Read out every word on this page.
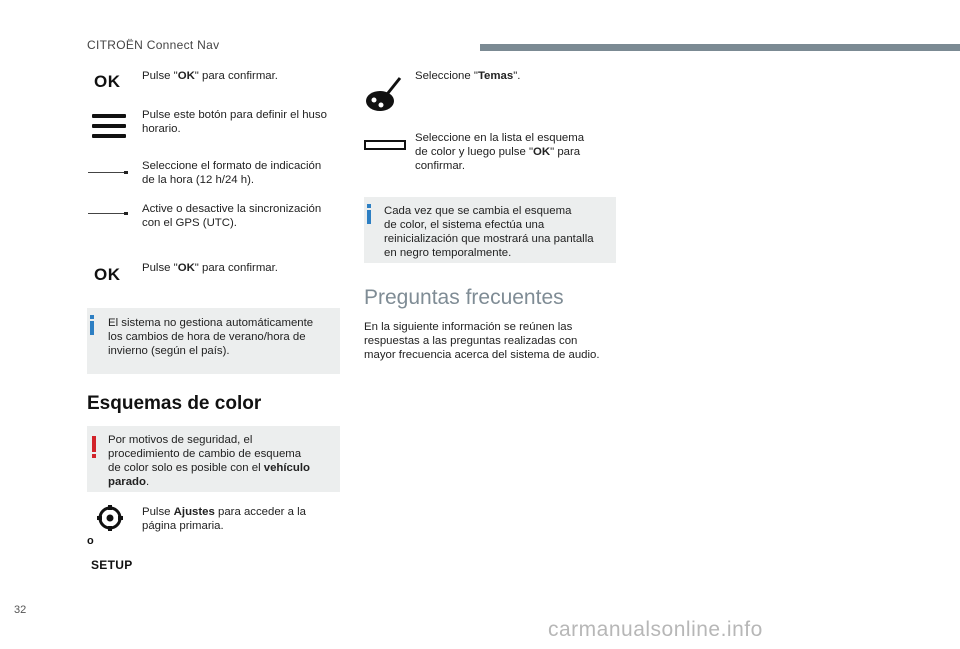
CITROËN Connect Nav
OK Pulse "OK" para confirmar.
Pulse este botón para definir el huso
horario.
Seleccione el formato de indicación
de la hora (12 h/24 h).
Active o desactive la sincronización
con el GPS (UTC).
OK Pulse "OK" para confirmar.
El sistema no gestiona automáticamente
los cambios de hora de verano/hora de
invierno (según el país).
Esquemas de color
Por motivos de seguridad, el
procedimiento de cambio de esquema
de color solo es posible con el vehículo
parado.
Pulse Ajustes para acceder a la
página primaria.
o
SETUP
Seleccione "Temas".
Seleccione en la lista el esquema
de color y luego pulse "OK" para
confirmar.
Cada vez que se cambia el esquema
de color, el sistema efectúa una
reinicialización que mostrará una pantalla
en negro temporalmente.
Preguntas frecuentes
En la siguiente información se reúnen las
respuestas a las preguntas realizadas con
mayor frecuencia acerca del sistema de audio.
32
carmanualsonline.info
